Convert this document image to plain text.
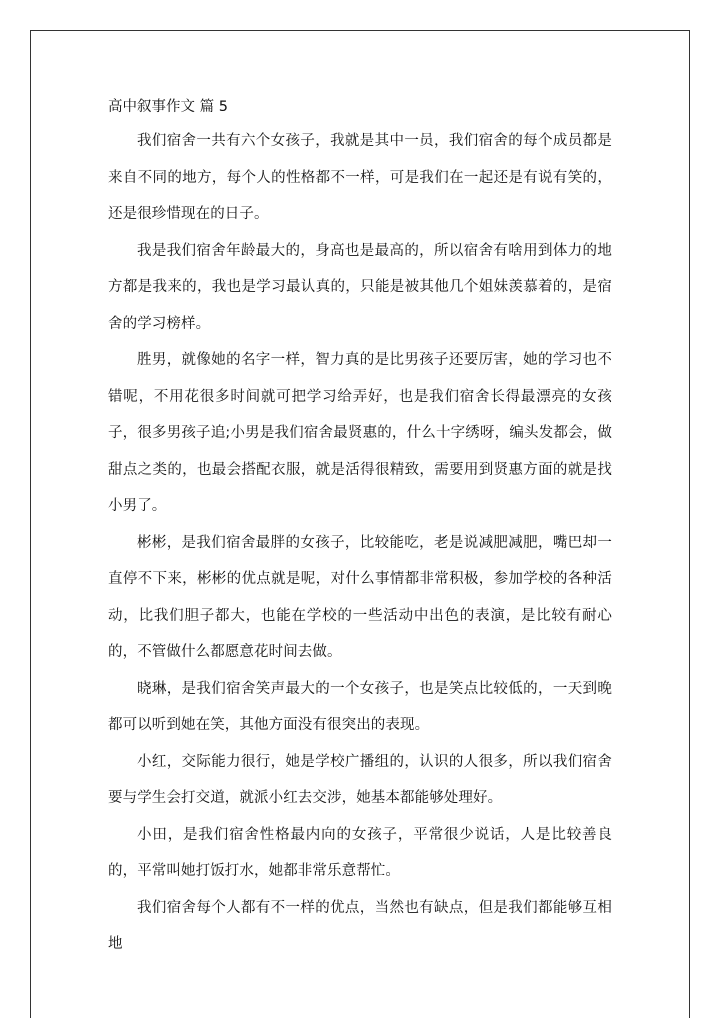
高中叙事作文 篇 5

我们宿舍一共有六个女孩子，我就是其中一员，我们宿舍的每个成员都是来自不同的地方，每个人的性格都不一样，可是我们在一起还是有说有笑的，还是很珍惜现在的日子。

我是我们宿舍年龄最大的，身高也是最高的，所以宿舍有啥用到体力的地方都是我来的，我也是学习最认真的，只能是被其他几个姐妹羡慕着的，是宿舍的学习榜样。

胜男，就像她的名字一样，智力真的是比男孩子还要厉害，她的学习也不错呢，不用花很多时间就可把学习给弄好，也是我们宿舍长得最漂亮的女孩子，很多男孩子追;小男是我们宿舍最贤惠的，什么十字绣呀，编头发都会，做甜点之类的，也最会搭配衣服，就是活得很精致，需要用到贤惠方面的就是找小男了。

彬彬，是我们宿舍最胖的女孩子，比较能吃，老是说减肥减肥，嘴巴却一直停不下来，彬彬的优点就是呢，对什么事情都非常积极，参加学校的各种活动，比我们胆子都大，也能在学校的一些活动中出色的表演，是比较有耐心的，不管做什么都愿意花时间去做。

晓琳，是我们宿舍笑声最大的一个女孩子，也是笑点比较低的，一天到晚都可以听到她在笑，其他方面没有很突出的表现。

小红，交际能力很行，她是学校广播组的，认识的人很多，所以我们宿舍要与学生会打交道，就派小红去交涉，她基本都能够处理好。

小田，是我们宿舍性格最内向的女孩子，平常很少说话，人是比较善良的，平常叫她打饭打水，她都非常乐意帮忙。

我们宿舍每个人都有不一样的优点，当然也有缺点，但是我们都能够互相地
